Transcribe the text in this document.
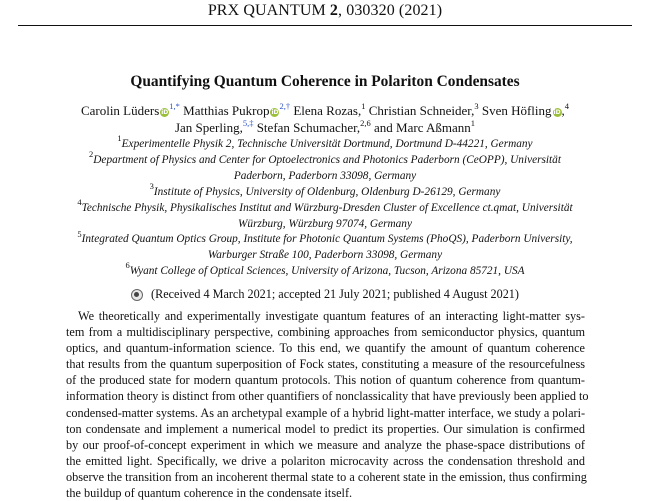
PRX QUANTUM 2, 030320 (2021)
Quantifying Quantum Coherence in Polariton Condensates
Carolin Lüders $iD^{1,*}$ Matthias Pukrop $iD^{2,\dagger}$ Elena Rozas,$^1$ Christian Schneider,$^3$ Sven Höfling iD,$^4$
Jan Sperling,$^{5,\ddagger}$ Stefan Schumacher,$^{2,6}$ and Marc Aßmann$^1$
$^1$Experimentelle Physik 2, Technische Universität Dortmund, Dortmund D-44221, Germany
$^2$Department of Physics and Center for Optoelectronics and Photonics Paderborn (CeOPP), Universität
Paderborn, Paderborn 33098, Germany
$^3$Institute of Physics, University of Oldenburg, Oldenburg D-26129, Germany
$^4$Technische Physik, Physikalisches Institut and Würzburg-Dresden Cluster of Excellence ct.qmat, Universität
Würzburg, Würzburg 97074, Germany
$^5$Integrated Quantum Optics Group, Institute for Photonic Quantum Systems (PhoQS), Paderborn University,
Warburger Straße 100, Paderborn 33098, Germany
$^6$Wyant College of Optical Sciences, University of Arizona, Tucson, Arizona 85721, USA
(Received 4 March 2021; accepted 21 July 2021; published 4 August 2021)
We theoretically and experimentally investigate quantum features of an interacting light-matter sys-
tem from a multidisciplinary perspective, combining approaches from semiconductor physics, quantum
optics, and quantum-information science. To this end, we quantify the amount of quantum coherence
that results from the quantum superposition of Fock states, constituting a measure of the resourcefulness
of the produced state for modern quantum protocols. This notion of quantum coherence from quantum-
information theory is distinct from other quantifiers of nonclassicality that have previously been applied to
condensed-matter systems. As an archetypal example of a hybrid light-matter interface, we study a polari-
ton condensate and implement a numerical model to predict its properties. Our simulation is confirmed
by our proof-of-concept experiment in which we measure and analyze the phase-space distributions of
the emitted light. Specifically, we drive a polariton microcavity across the condensation threshold and
observe the transition from an incoherent thermal state to a coherent state in the emission, thus confirming
the buildup of quantum coherence in the condensate itself.
